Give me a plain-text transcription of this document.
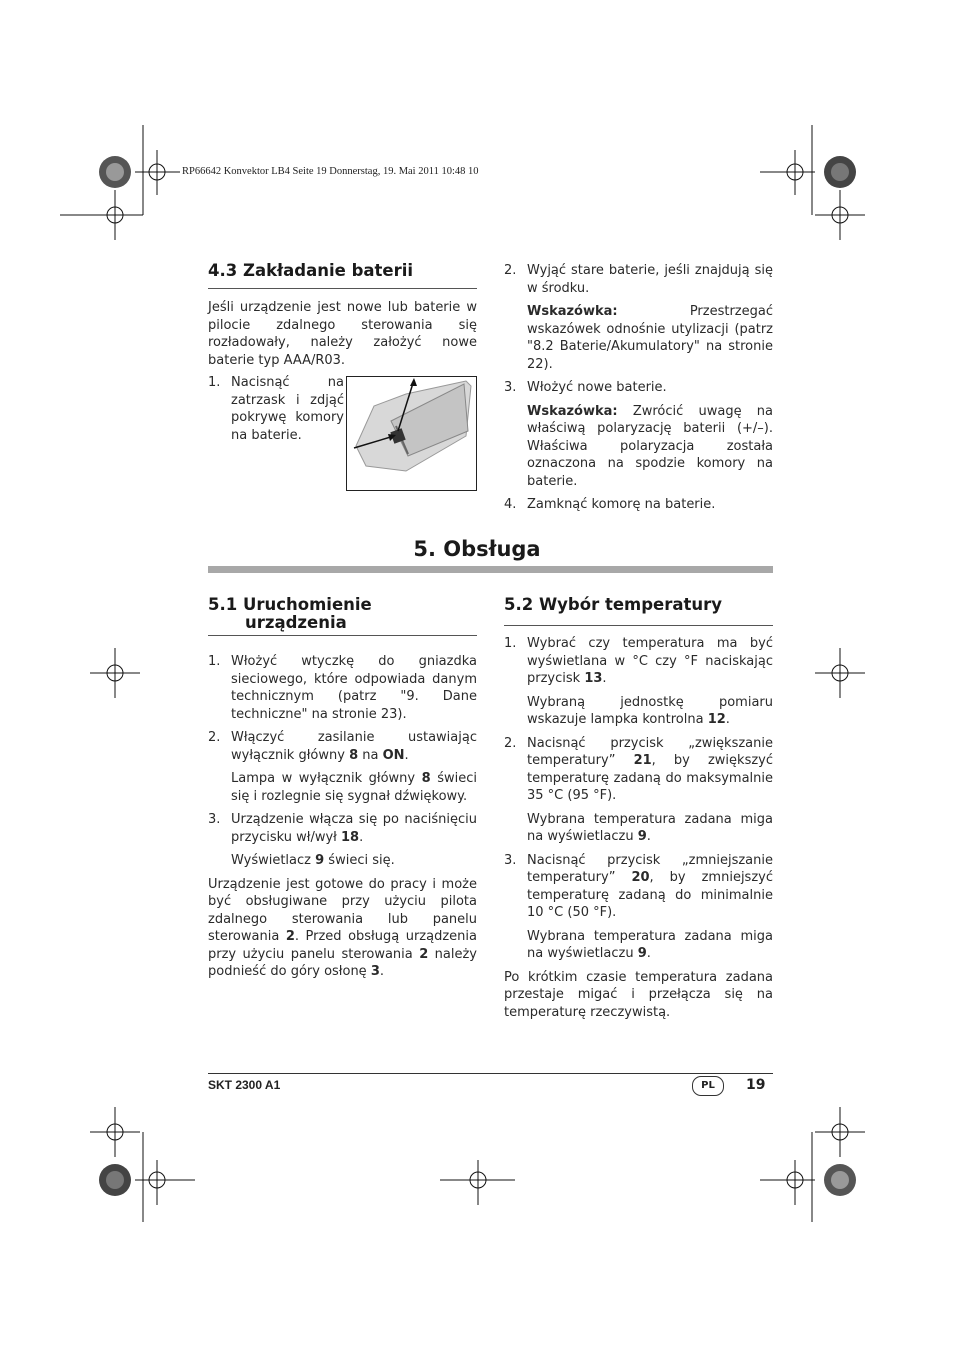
RP66642 Konvektor LB4 Seite 19 Donnerstag, 19. Mai 2011 10:48 10
4.3 Zakładanie baterii

Jeśli urządzenie jest nowe lub baterie w pilocie zdalnego sterowania się rozładowały, należy założyć nowe baterie typ AAA/R03.

1. Nacisnąć na zatrzask i zdjąć pokrywę komory na baterie.
2. Wyjąć stare baterie, jeśli znajdują się w środku.

Wskazówka: Przestrzegać wskazówek odnośnie utylizacji (patrz "8.2 Baterie/Akumulatory" na stronie 22).

3. Włożyć nowe baterie.

Wskazówka: Zwrócić uwagę na właściwą polaryzację baterii (+/–). Właściwa polaryzacja została oznaczona na spodzie komory na baterie.

4. Zamknąć komorę na baterie.
5. Obsługa
5.1 Uruchomienie
urządzenia
1. Włożyć wtyczkę do gniazdka sieciowego, które odpowiada danym technicznym (patrz "9. Dane techniczne" na stronie 23).
2. Włączyć zasilanie ustawiając wyłącznik główny 8 na ON.

Lampa w wyłącznik główny 8 świeci się i rozlegnie się sygnał dźwiękowy.

3. Urządzenie włącza się po naciśnięciu przycisku wł/wył 18.

Wyświetlacz 9 świeci się.

Urządzenie jest gotowe do pracy i może być obsługiwane przy użyciu pilota zdalnego sterowania lub panelu sterowania 2. Przed obsługą urządzenia przy użyciu panelu sterowania 2 należy podnieść do góry osłonę 3.

5.2 Wybór temperatury
1. Wybrać czy temperatura ma być wyświetlana w °C czy °F naciskając przycisk 13.

Wybraną jednostkę pomiaru wskazuje lampka kontrolna 12.

2. Nacisnąć przycisk „zwiększanie temperatury” 21, by zwiększyć temperaturę zadaną do maksymalnie 35 °C (95 °F).

Wybrana temperatura zadana miga na wyświetlaczu 9.

3. Nacisnąć przycisk „zmniejszanie temperatury” 20, by zmniejszyć temperaturę zadaną do minimalnie 10 °C (50 °F).

Wybrana temperatura zadana miga na wyświetlaczu 9.

Po krótkim czasie temperatura zadana przestaje migać i przełącza się na temperaturę rzeczywistą.

SKT 2300 A1	PL	19
